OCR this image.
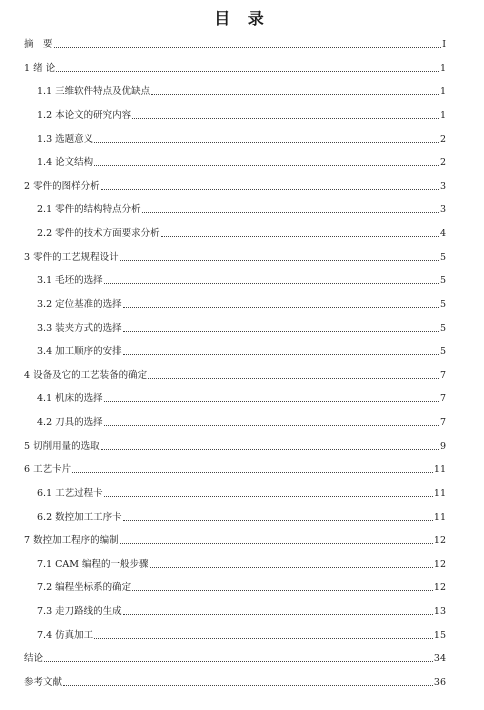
目 录
摘　要	I
1 绪 论	1
1.1 三维软件特点及优缺点	1
1.2 本论文的研究内容	1
1.3 选题意义	2
1.4 论文结构	2
2 零件的图样分析	3
2.1 零件的结构特点分析	3
2.2 零件的技术方面要求分析	4
3 零件的工艺规程设计	5
3.1 毛坯的选择	5
3.2 定位基准的选择	5
3.3 装夹方式的选择	5
3.4 加工顺序的安排	5
4 设备及它的工艺装备的确定	7
4.1 机床的选择	7
4.2 刀具的选择	7
5 切削用量的选取	9
6 工艺卡片	11
6.1 工艺过程卡	11
6.2 数控加工工序卡	11
7 数控加工程序的编制	12
7.1 CAM 编程的一般步骤	12
7.2 编程坐标系的确定	12
7.3 走刀路线的生成	13
7.4 仿真加工	15
结论	34
参考文献	36
